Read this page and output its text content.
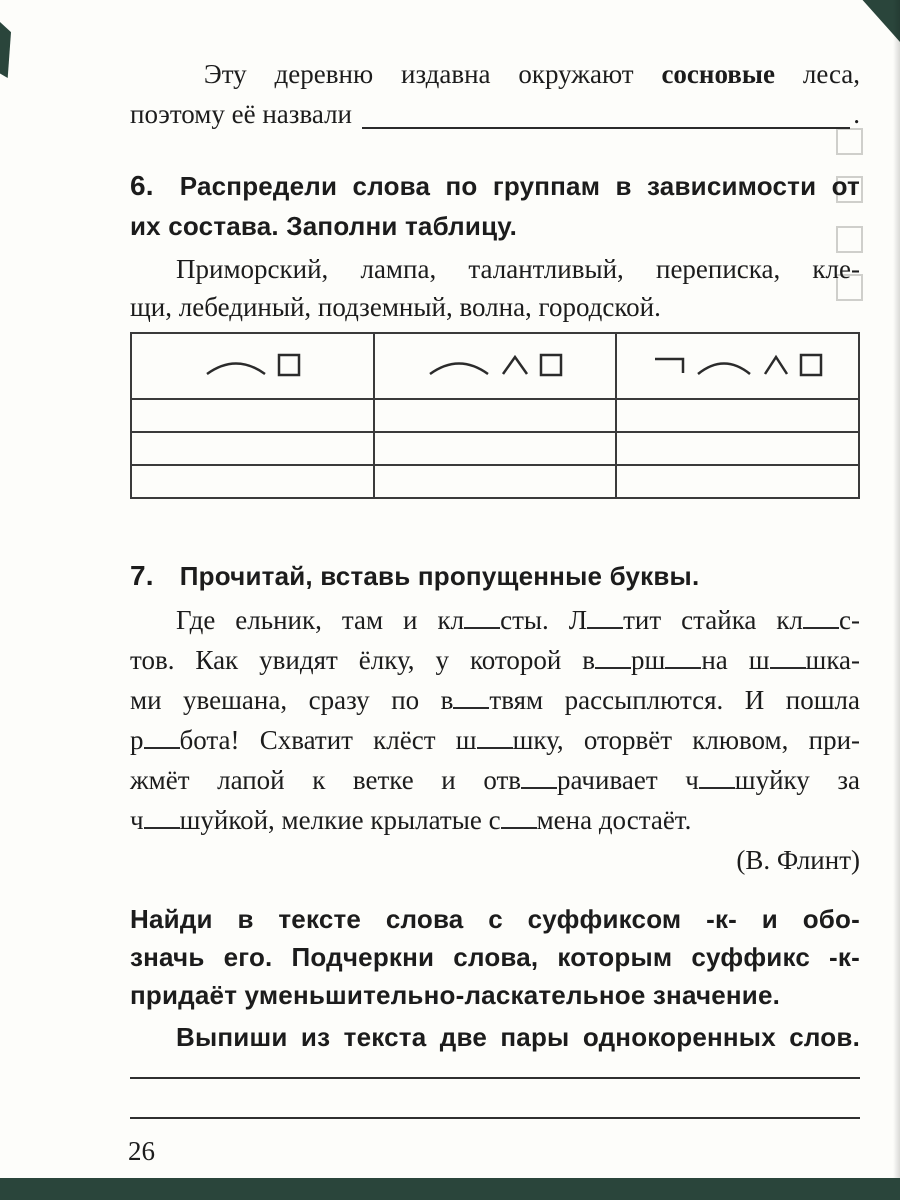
Эту деревню издавна окружают сосновые леса,
поэтому её назвали	.
6. Распредели слова по группам в зависимости от
их состава. Заполни таблицу.
Приморский, лампа, талантливый, переписка, кле-
щи, лебединый, подземный, волна, городской.

7. Прочитай, вставь пропущенные буквы.
Где ельник, там и кл сты. Л тит стайка кл с-
тов. Как увидят ёлку, у которой в рш на ш шка-
ми увешана, сразу по в твям рассыплются. И пошла
р бота! Схватит клёст ш шку, оторвёт клювом, при-
жмёт лапой к ветке и отв рачивает ч шуйку за
ч шуйкой, мелкие крылатые с мена достаёт.
(В. Флинт)
Найди в тексте слова с суффиксом -к- и обо-
значь его. Подчеркни слова, которым суффикс -к-
придаёт уменьшительно-ласкательное значение.
Выпиши из текста две пары однокоренных слов.
26
